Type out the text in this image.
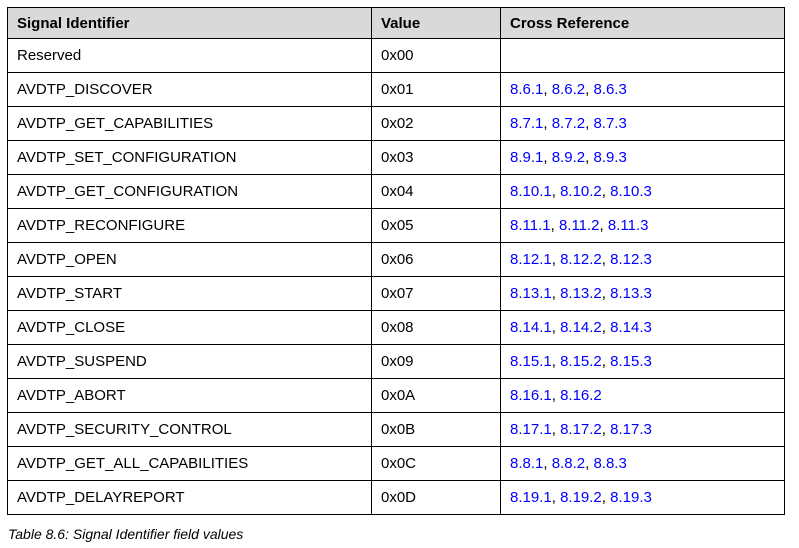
Signal Identifier	Value	Cross Reference
Reserved	0x00	
AVDTP_DISCOVER	0x01	8.6.1, 8.6.2, 8.6.3
AVDTP_GET_CAPABILITIES	0x02	8.7.1, 8.7.2, 8.7.3
AVDTP_SET_CONFIGURATION	0x03	8.9.1, 8.9.2, 8.9.3
AVDTP_GET_CONFIGURATION	0x04	8.10.1, 8.10.2, 8.10.3
AVDTP_RECONFIGURE	0x05	8.11.1, 8.11.2, 8.11.3
AVDTP_OPEN	0x06	8.12.1, 8.12.2, 8.12.3
AVDTP_START	0x07	8.13.1, 8.13.2, 8.13.3
AVDTP_CLOSE	0x08	8.14.1, 8.14.2, 8.14.3
AVDTP_SUSPEND	0x09	8.15.1, 8.15.2, 8.15.3
AVDTP_ABORT	0x0A	8.16.1, 8.16.2
AVDTP_SECURITY_CONTROL	0x0B	8.17.1, 8.17.2, 8.17.3
AVDTP_GET_ALL_CAPABILITIES	0x0C	8.8.1, 8.8.2, 8.8.3
AVDTP_DELAYREPORT	0x0D	8.19.1, 8.19.2, 8.19.3
Table 8.6: Signal Identifier field values
